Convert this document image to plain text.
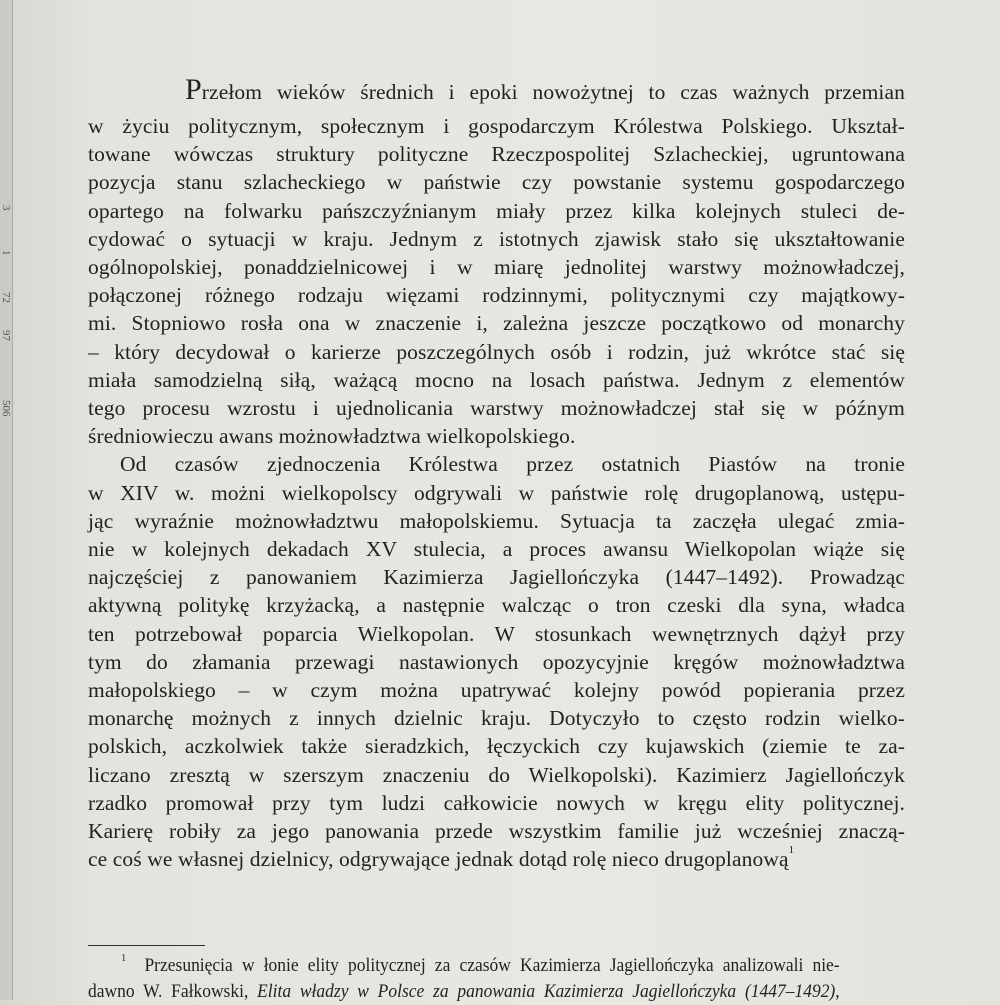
3
1
72
97
506
Przełom wieków średnich i epoki nowożytnej to czas ważnych przemian
w życiu politycznym, społecznym i gospodarczym Królestwa Polskiego. Ukształ-
towane wówczas struktury polityczne Rzeczpospolitej Szlacheckiej, ugruntowana
pozycja stanu szlacheckiego w państwie czy powstanie systemu gospodarczego
opartego na folwarku pańszczyźnianym miały przez kilka kolejnych stuleci de-
cydować o sytuacji w kraju. Jednym z istotnych zjawisk stało się ukształtowanie
ogólnopolskiej, ponaddzielnicowej i w miarę jednolitej warstwy możnowładczej,
połączonej różnego rodzaju więzami rodzinnymi, politycznymi czy majątkowy-
mi. Stopniowo rosła ona w znaczenie i, zależna jeszcze początkowo od monarchy
– który decydował o karierze poszczególnych osób i rodzin, już wkrótce stać się
miała samodzielną siłą, ważącą mocno na losach państwa. Jednym z elementów
tego procesu wzrostu i ujednolicania warstwy możnowładczej stał się w późnym
średniowieczu awans możnowładztwa wielkopolskiego.
Od czasów zjednoczenia Królestwa przez ostatnich Piastów na tronie
w XIV w. możni wielkopolscy odgrywali w państwie rolę drugoplanową, ustępu-
jąc wyraźnie możnowładztwu małopolskiemu. Sytuacja ta zaczęła ulegać zmia-
nie w kolejnych dekadach XV stulecia, a proces awansu Wielkopolan wiąże się
najczęściej z panowaniem Kazimierza Jagiellończyka (1447–1492). Prowadząc
aktywną politykę krzyżacką, a następnie walcząc o tron czeski dla syna, władca
ten potrzebował poparcia Wielkopolan. W stosunkach wewnętrznych dążył przy
tym do złamania przewagi nastawionych opozycyjnie kręgów możnowładztwa
małopolskiego – w czym można upatrywać kolejny powód popierania przez
monarchę możnych z innych dzielnic kraju. Dotyczyło to często rodzin wielko-
polskich, aczkolwiek także sieradzkich, łęczyckich czy kujawskich (ziemie te za-
liczano zresztą w szerszym znaczeniu do Wielkopolski). Kazimierz Jagiellończyk
rzadko promował przy tym ludzi całkowicie nowych w kręgu elity politycznej.
Karierę robiły za jego panowania przede wszystkim familie już wcześniej znaczą-
ce coś we własnej dzielnicy, odgrywające jednak dotąd rolę nieco drugoplanową$^1$
$^1$ Przesunięcia w łonie elity politycznej za czasów Kazimierza Jagiellończyka analizowali nie-
dawno W. Fałkowski, Elita władzy w Polsce za panowania Kazimierza Jagiellończyka (1447–1492),
